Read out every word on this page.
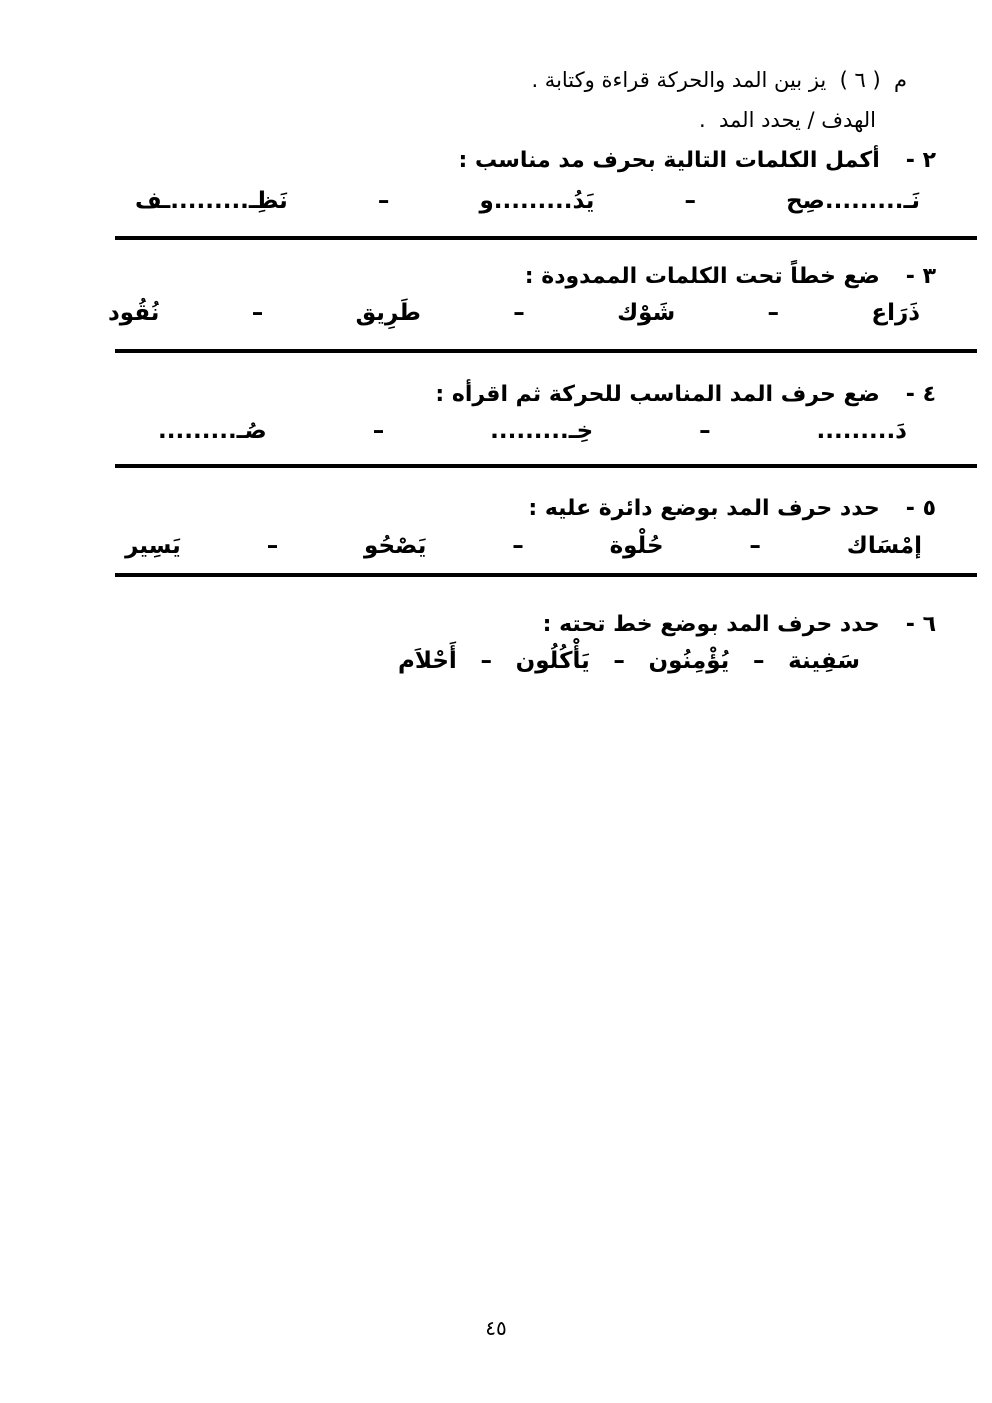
م  ( ٦ )  يز بين المد والحركة قراءة وكتابة .
الهدف / يحدد المد  .
٢ -
أكمل الكلمات التالية بحرف مد مناسب :
نَـ.........صِح
–
يَدُ.........و
–
نَظِـ.........ـف
٣ -
ضع خطاً تحت الكلمات الممدودة :
ذَرَاع
–
شَوْك
–
طَرِيق
–
نُقُود
٤ -
ضع حرف المد المناسب للحركة ثم اقرأه :
دَ.........
–
خِـ.........
–
صُـ.........
٥ -
حدد حرف المد بوضع دائرة عليه :
إمْسَاك
–
حُلْوة
–
يَصْحُو
–
يَسِير
٦ -
حدد حرف المد بوضع خط تحته :
سَفِينة
–
يُؤْمِنُون
–
يَأْكُلُون
–
أَحْلاَم
٤٥
